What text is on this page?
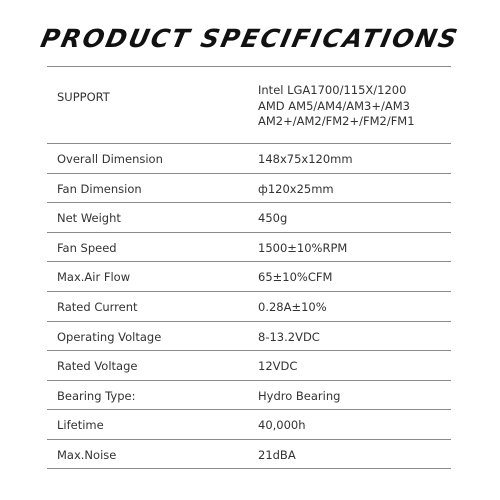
PRODUCT SPECIFICATIONS
SUPPORT	Intel LGA1700/115X/1200
AMD AM5/AM4/AM3+/AM3
AM2+/AM2/FM2+/FM2/FM1
Overall Dimension	148x75x120mm
Fan Dimension	ф120x25mm
Net Weight	450g
Fan Speed	1500±10%RPM
Max.Air Flow	65±10%CFM
Rated Current	0.28A±10%
Operating Voltage	8-13.2VDC
Rated Voltage	12VDC
Bearing Type:	Hydro Bearing
Lifetime	40,000h
Max.Noise	21dBA
